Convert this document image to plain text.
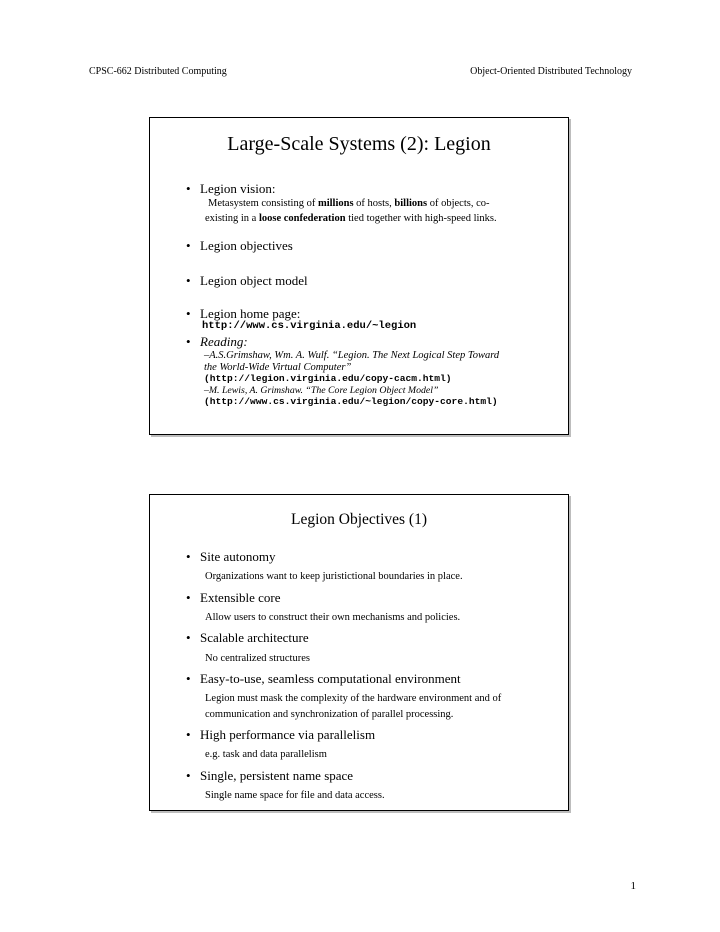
CPSC-662 Distributed Computing	Object-Oriented Distributed Technology
Large-Scale Systems (2): Legion
• Legion vision:
Metasystem consisting of millions of hosts, billions of objects, co-
existing in a loose confederation tied together with high-speed links.
• Legion objectives
• Legion object model
• Legion home page:
http://www.cs.virginia.edu/~legion
• Reading:
–A.S.Grimshaw, Wm. A. Wulf. “Legion. The Next Logical Step Toward
the World-Wide Virtual Computer”
(http://legion.virginia.edu/copy-cacm.html)
–M. Lewis, A. Grimshaw. “The Core Legion Object Model”
(http://www.cs.virginia.edu/~legion/copy-core.html)
Legion Objectives (1)
• Site autonomy
Organizations want to keep juristictional boundaries in place.
• Extensible core
Allow users to construct their own mechanisms and policies.
• Scalable architecture
No centralized structures
• Easy-to-use, seamless computational environment
Legion must mask the complexity of the hardware environment and of
communication and synchronization of parallel processing.
• High performance via parallelism
e.g. task and data parallelism
• Single, persistent name space
Single name space for file and data access.
1
